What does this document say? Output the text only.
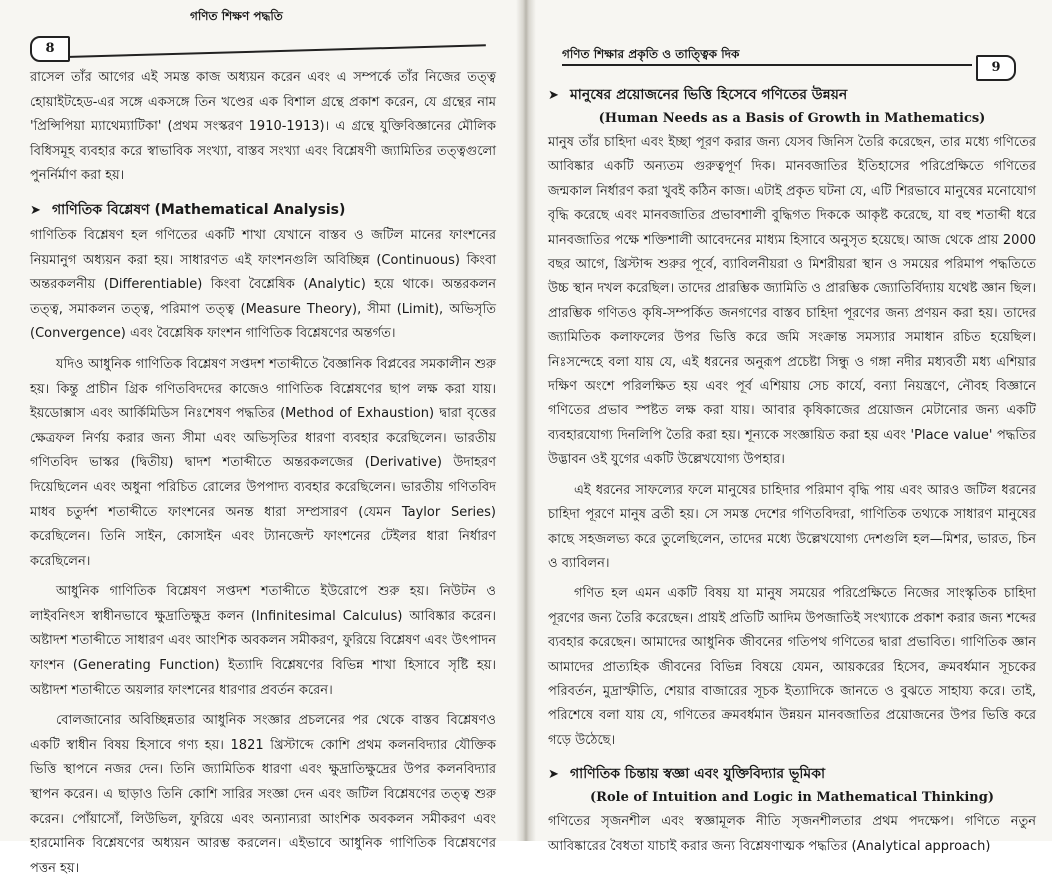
গণিত শিক্ষণ পদ্ধতি
8

রাসেল তাঁর আগের এই সমস্ত কাজ অধ্যয়ন করেন এবং এ সম্পর্কে তাঁর নিজের তত্ত্ব হোয়াইটহেড-এর সঙ্গে একসঙ্গে তিন খণ্ডের এক বিশাল গ্রন্থে প্রকাশ করেন, যে গ্রন্থের নাম 'প্রিন্সিপিয়া ম্যাথেম্যাটিকা' (প্রথম সংস্করণ 1910-1913)। এ গ্রন্থে যুক্তিবিজ্ঞানের মৌলিক বিধিসমূহ ব্যবহার করে স্বাভাবিক সংখ্যা, বাস্তব সংখ্যা এবং বিশ্লেষণী জ্যামিতির তত্ত্বগুলো পুনর্নির্মাণ করা হয়।

➤ গাণিতিক বিশ্লেষণ (Mathematical Analysis)

গাণিতিক বিশ্লেষণ হল গণিতের একটি শাখা যেখানে বাস্তব ও জটিল মানের ফাংশনের নিয়মানুগ অধ্যয়ন করা হয়। সাধারণত এই ফাংশনগুলি অবিচ্ছিন্ন (Continuous) কিংবা অন্তরকলনীয় (Differentiable) কিংবা বৈশ্লেষিক (Analytic) হয়ে থাকে। অন্তরকলন তত্ত্ব, সমাকলন তত্ত্ব, পরিমাপ তত্ত্ব (Measure Theory), সীমা (Limit), অভিসৃতি (Convergence) এবং বৈশ্লেষিক ফাংশন গাণিতিক বিশ্লেষণের অন্তর্গত।

যদিও আধুনিক গাণিতিক বিশ্লেষণ সপ্তদশ শতাব্দীতে বৈজ্ঞানিক বিপ্লবের সমকালীন শুরু হয়। কিন্তু প্রাচীন গ্রিক গণিতবিদদের কাজেও গাণিতিক বিশ্লেষণের ছাপ লক্ষ করা যায়। ইয়ডোক্সাস এবং আর্কিমিডিস নিঃশেষণ পদ্ধতির (Method of Exhaustion) দ্বারা বৃত্তের ক্ষেত্রফল নির্ণয় করার জন্য সীমা এবং অভিসৃতির ধারণা ব্যবহার করেছিলেন। ভারতীয় গণিতবিদ ভাস্কর (দ্বিতীয়) দ্বাদশ শতাব্দীতে অন্তরকলজের (Derivative) উদাহরণ দিয়েছিলেন এবং অধুনা পরিচিত রোলের উপপাদ্য ব্যবহার করেছিলেন। ভারতীয় গণিতবিদ মাধব চতুর্দশ শতাব্দীতে ফাংশনের অনন্ত ধারা সম্প্রসারণ (যেমন Taylor Series) করেছিলেন। তিনি সাইন, কোসাইন এবং ট্যানজেন্ট ফাংশনের টেইলর ধারা নির্ধারণ করেছিলেন।

আধুনিক গাণিতিক বিশ্লেষণ সপ্তদশ শতাব্দীতে ইউরোপে শুরু হয়। নিউটন ও লাইবনিৎস স্বাধীনভাবে ক্ষুদ্রাতিক্ষুদ্র কলন (Infinitesimal Calculus) আবিষ্কার করেন। অষ্টাদশ শতাব্দীতে সাধারণ এবং আংশিক অবকলন সমীকরণ, ফুরিয়ে বিশ্লেষণ এবং উৎপাদন ফাংশন (Generating Function) ইত্যাদি বিশ্লেষণের বিভিন্ন শাখা হিসাবে সৃষ্টি হয়। অষ্টাদশ শতাব্দীতে অয়লার ফাংশনের ধারণার প্রবর্তন করেন।

বোলজানোর অবিচ্ছিন্নতার আধুনিক সংজ্ঞার প্রচলনের পর থেকে বাস্তব বিশ্লেষণও একটি স্বাধীন বিষয় হিসাবে গণ্য হয়। 1821 খ্রিস্টাব্দে কোশি প্রথম কলনবিদ্যার যৌক্তিক ভিত্তি স্থাপনে নজর দেন। তিনি জ্যামিতিক ধারণা এবং ক্ষুদ্রাতিক্ষুদ্রের উপর কলনবিদ্যার স্থাপন করেন। এ ছাড়াও তিনি কোশি সারির সংজ্ঞা দেন এবং জটিল বিশ্লেষণের তত্ত্ব শুরু করেন। পোঁয়াসোঁ, লিউভিল, ফুরিয়ে এবং অন্যান্যরা আংশিক অবকলন সমীকরণ এবং হারমোনিক বিশ্লেষণের অধ্যয়ন আরম্ভ করলেন। এইভাবে আধুনিক গাণিতিক বিশ্লেষণের পত্তন হয়।

গণিত শিক্ষার প্রকৃতি ও তাত্ত্বিক দিক
9
➤ মানুষের প্রয়োজনের ভিত্তি হিসেবে গণিতের উন্নয়ন
(Human Needs as a Basis of Growth in Mathematics)

মানুষ তাঁর চাহিদা এবং ইচ্ছা পূরণ করার জন্য যেসব জিনিস তৈরি করেছেন, তার মধ্যে গণিতের আবিষ্কার একটি অন্যতম গুরুত্বপূর্ণ দিক। মানবজাতির ইতিহাসের পরিপ্রেক্ষিতে গণিতের জন্মকাল নির্ধারণ করা খুবই কঠিন কাজ। এটাই প্রকৃত ঘটনা যে, এটি শিরভাবে মানুষের মনোযোগ বৃদ্ধি করেছে এবং মানবজাতির প্রভাবশালী বুদ্ধিগত দিককে আকৃষ্ট করেছে, যা বহু শতাব্দী ধরে মানবজাতির পক্ষে শক্তিশালী আবেদনের মাধ্যম হিসাবে অনুসৃত হয়েছে। আজ থেকে প্রায় 2000 বছর আগে, খ্রিস্টাব্দ শুরুর পূর্বে, ব্যাবিলনীয়রা ও মিশরীয়রা স্থান ও সময়ের পরিমাপ পদ্ধতিতে উচ্চ স্থান দখল করেছিল। তাদের প্রারম্ভিক জ্যামিতি ও প্রারম্ভিক জ্যোতির্বিদ্যায় যথেষ্ট জ্ঞান ছিল। প্রারম্ভিক গণিতও কৃষি-সম্পর্কিত জনগণের বাস্তব চাহিদা পূরণের জন্য প্রণয়ন করা হয়। তাদের জ্যামিতিক কলাফলের উপর ভিত্তি করে জমি সংক্রান্ত সমস্যার সমাধান রচিত হয়েছিল। নিঃসন্দেহে বলা যায় যে, এই ধরনের অনুরূপ প্রচেষ্টা সিন্ধু ও গঙ্গা নদীর মধ্যবর্তী মধ্য এশিয়ার দক্ষিণ অংশে পরিলক্ষিত হয় এবং পূর্ব এশিয়ায় সেচ কার্যে, বন্যা নিয়ন্ত্রণে, নৌবহ বিজ্ঞানে গণিতের প্রভাব স্পষ্টত লক্ষ করা যায়। আবার কৃষিকাজের প্রয়োজন মেটানোর জন্য একটি ব্যবহারযোগ্য দিনলিপি তৈরি করা হয়। শূন্যকে সংজ্ঞায়িত করা হয় এবং 'Place value' পদ্ধতির উদ্ভাবন ওই যুগের একটি উল্লেখযোগ্য উপহার।

এই ধরনের সাফল্যের ফলে মানুষের চাহিদার পরিমাণ বৃদ্ধি পায় এবং আরও জটিল ধরনের চাহিদা পূরণে মানুষ ব্রতী হয়। সে সমস্ত দেশের গণিতবিদরা, গাণিতিক তথ্যকে সাধারণ মানুষের কাছে সহজলভ্য করে তুলেছিলেন, তাদের মধ্যে উল্লেখযোগ্য দেশগুলি হল—মিশর, ভারত, চিন ও ব্যাবিলন।

গণিত হল এমন একটি বিষয় যা মানুষ সময়ের পরিপ্রেক্ষিতে নিজের সাংস্কৃতিক চাহিদা পূরণের জন্য তৈরি করেছেন। প্রায়ই প্রতিটি আদিম উপজাতিই সংখ্যাকে প্রকাশ করার জন্য শব্দের ব্যবহার করেছেন। আমাদের আধুনিক জীবনের গতিপথ গণিতের দ্বারা প্রভাবিত। গাণিতিক জ্ঞান আমাদের প্রাত্যহিক জীবনের বিভিন্ন বিষয়ে যেমন, আয়করের হিসেব, ক্রমবর্ধমান সূচকের পরিবর্তন, মুদ্রাস্ফীতি, শেয়ার বাজারের সূচক ইত্যাদিকে জানতে ও বুঝতে সাহায্য করে। তাই, পরিশেষে বলা যায় যে, গণিতের ক্রমবর্ধমান উন্নয়ন মানবজাতির প্রয়োজনের উপর ভিত্তি করে গড়ে উঠেছে।

➤ গাণিতিক চিন্তায় স্বজ্ঞা এবং যুক্তিবিদ্যার ভূমিকা
(Role of Intuition and Logic in Mathematical Thinking)

গণিতের সৃজনশীল এবং স্বজ্ঞামূলক নীতি সৃজনশীলতার প্রথম পদক্ষেপ। গণিতে নতুন আবিষ্কারের বৈধতা যাচাই করার জন্য বিশ্লেষণাত্মক পদ্ধতির (Analytical approach)
